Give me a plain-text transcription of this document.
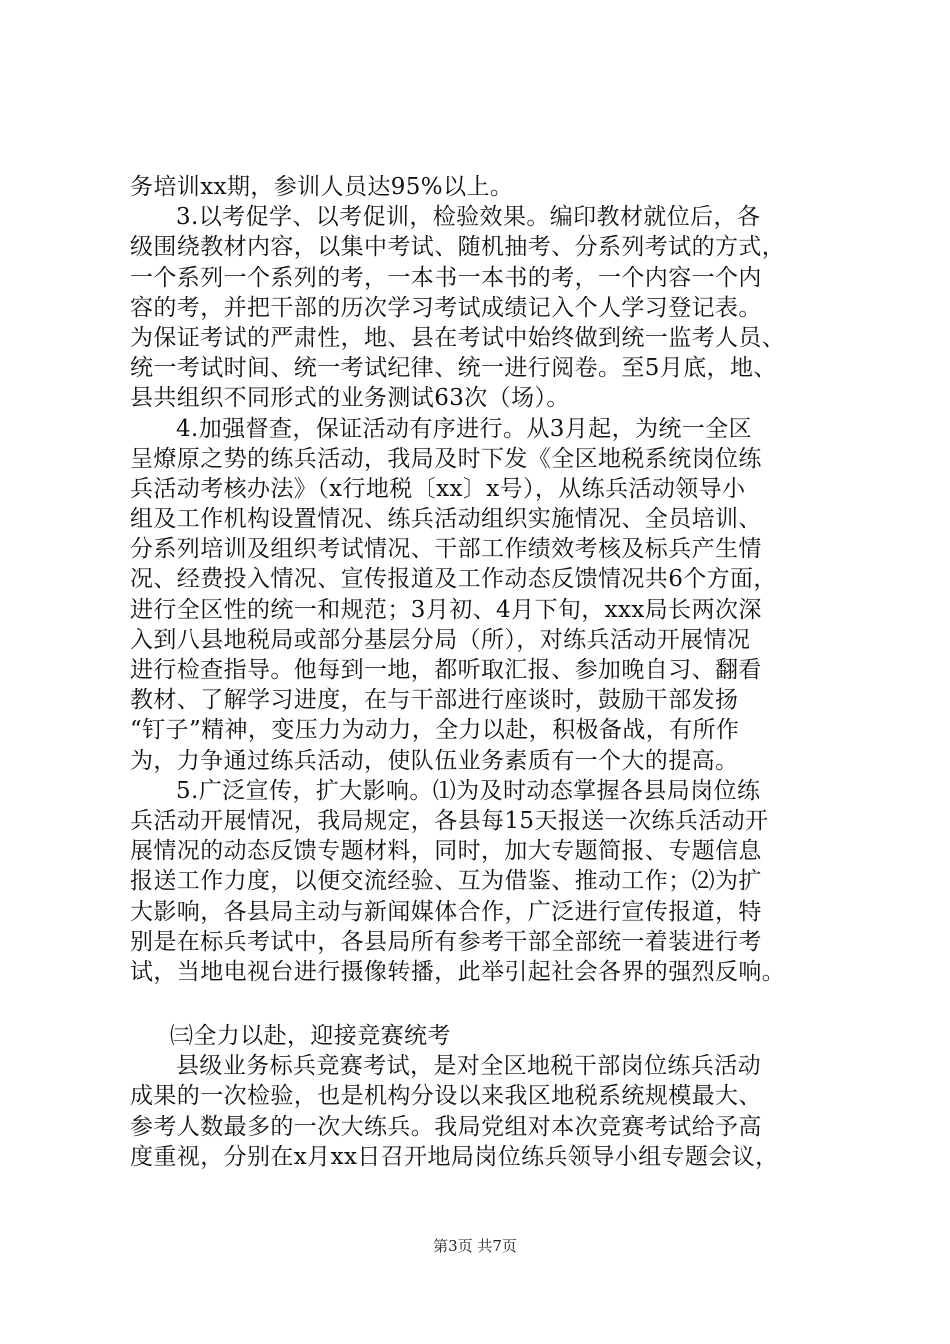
务培训xx期，参训人员达95%以上。
3.以考促学、以考促训，检验效果。编印教材就位后，各
级围绕教材内容，以集中考试、随机抽考、分系列考试的方式，
一个系列一个系列的考，一本书一本书的考，一个内容一个内
容的考，并把干部的历次学习考试成绩记入个人学习登记表。
为保证考试的严肃性，地、县在考试中始终做到统一监考人员、
统一考试时间、统一考试纪律、统一进行阅卷。至5月底，地、
县共组织不同形式的业务测试63次（场）。
4.加强督查，保证活动有序进行。从3月起，为统一全区
呈燎原之势的练兵活动，我局及时下发《全区地税系统岗位练
兵活动考核办法》（x行地税〔xx〕x号），从练兵活动领导小
组及工作机构设置情况、练兵活动组织实施情况、全员培训、
分系列培训及组织考试情况、干部工作绩效考核及标兵产生情
况、经费投入情况、宣传报道及工作动态反馈情况共6个方面，
进行全区性的统一和规范；3月初、4月下旬，xxx局长两次深
入到八县地税局或部分基层分局（所），对练兵活动开展情况
进行检查指导。他每到一地，都听取汇报、参加晚自习、翻看
教材、了解学习进度，在与干部进行座谈时，鼓励干部发扬
“钉子”精神，变压力为动力，全力以赴，积极备战，有所作
为，力争通过练兵活动，使队伍业务素质有一个大的提高。
5.广泛宣传，扩大影响。⑴为及时动态掌握各县局岗位练
兵活动开展情况，我局规定，各县每15天报送一次练兵活动开
展情况的动态反馈专题材料，同时，加大专题简报、专题信息
报送工作力度，以便交流经验、互为借鉴、推动工作；⑵为扩
大影响，各县局主动与新闻媒体合作，广泛进行宣传报道，特
别是在标兵考试中，各县局所有参考干部全部统一着装进行考
试，当地电视台进行摄像转播，此举引起社会各界的强烈反响。
㈢全力以赴，迎接竞赛统考
县级业务标兵竞赛考试，是对全区地税干部岗位练兵活动
成果的一次检验，也是机构分设以来我区地税系统规模最大、
参考人数最多的一次大练兵。我局党组对本次竞赛考试给予高
度重视，分别在x月xx日召开地局岗位练兵领导小组专题会议，
第3页 共7页
